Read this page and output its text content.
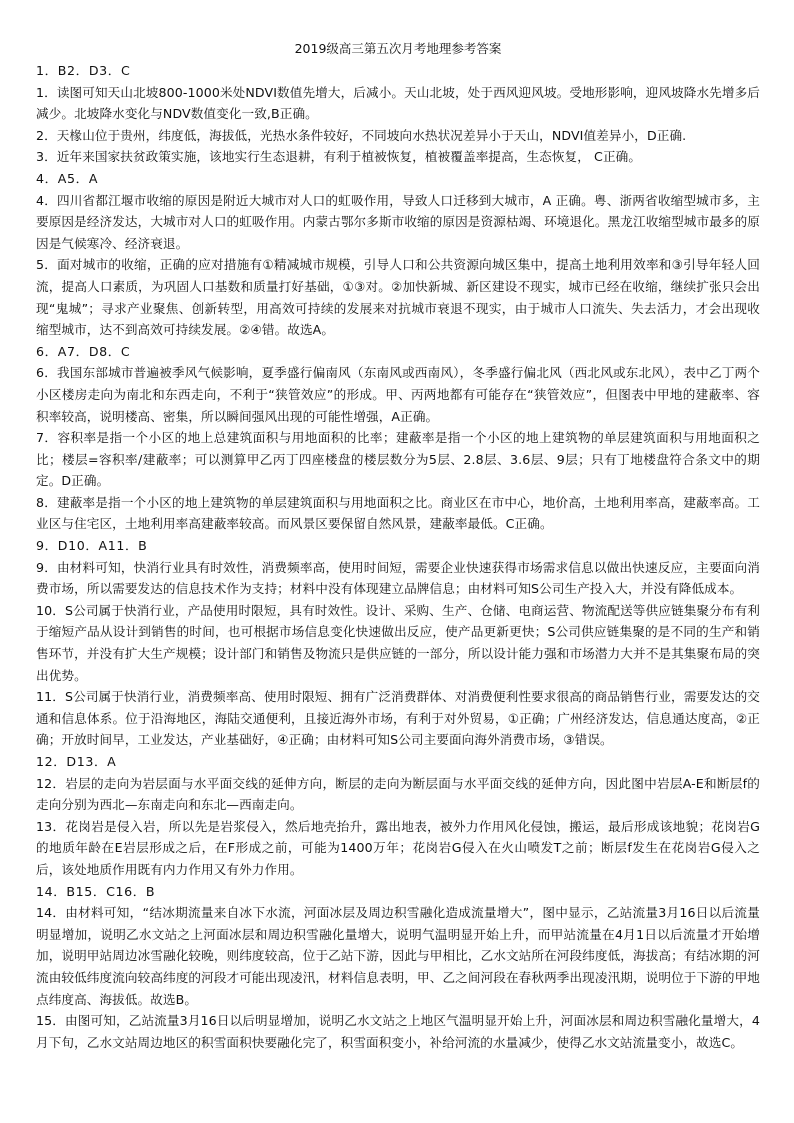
2019级高三第五次月考地理参考答案

1．B2．D3．C

1．读图可知天山北坡800-1000米处NDVI数值先增大，后减小。天山北坡，处于西风迎风坡。受地形影响，迎风坡降水先增多后减少。北坡降水变化与NDV数值变化一致,B正确。

2．天椽山位于贵州，纬度低，海拔低，光热水条件较好，不同坡向水热状况差异小于天山，NDVI值差异小，D正确.

3．近年来国家扶贫政策实施，该地实行生态退耕，有利于植被恢复，植被覆盖率提高，生态恢复， C正确。

4．A5．A

4．四川省都江堰市收缩的原因是附近大城市对人口的虹吸作用，导致人口迁移到大城市，A 正确。粤、浙两省收缩型城市多，主要原因是经济发达，大城市对人口的虹吸作用。内蒙古鄂尔多斯市收缩的原因是资源枯竭、环境退化。黑龙江收缩型城市最多的原因是气候寒冷、经济衰退。

5．面对城市的收缩，正确的应对措施有①精减城市规模，引导人口和公共资源向城区集中，提高土地利用效率和③引导年轻人回流，提高人口素质，为巩固人口基数和质量打好基础，①③对。②加快新城、新区建设不现实，城市已经在收缩，继续扩张只会出现“鬼城”；寻求产业聚焦、创新转型，用高效可持续的发展来对抗城市衰退不现实，由于城市人口流失、失去活力，才会出现收缩型城市，达不到高效可持续发展。②④错。故选A。

6．A7．D8．C

6．我国东部城市普遍被季风气候影响，夏季盛行偏南风（东南风或西南风），冬季盛行偏北风（西北风或东北风），表中乙丁两个小区楼房走向为南北和东西走向，不利于“狭管效应”的形成。甲、丙两地都有可能存在“狭管效应”，但图表中甲地的建蔽率、容积率较高，说明楼高、密集，所以瞬间强风出现的可能性增强，A正确。

7．容积率是指一个小区的地上总建筑面积与用地面积的比率；建蔽率是指一个小区的地上建筑物的单层建筑面积与用地面积之比；楼层=容积率/建蔽率；可以测算甲乙丙丁四座楼盘的楼层数分为5层、2.8层、3.6层、9层；只有丁地楼盘符合条文中的期定。D正确。

8．建蔽率是指一个小区的地上建筑物的单层建筑面积与用地面积之比。商业区在市中心，地价高，土地利用率高，建蔽率高。工业区与住宅区，土地利用率高建蔽率较高。而风景区要保留自然风景，建蔽率最低。C正确。

9．D10．A11．B

9．由材料可知，快消行业具有时效性，消费频率高，使用时间短，需要企业快速获得市场需求信息以做出快速反应，主要面向消费市场，所以需要发达的信息技术作为支持；材料中没有体现建立品牌信息；由材料可知S公司生产投入大，并没有降低成本。

10．S公司属于快消行业，产品使用时限短，具有时效性。设计、采购、生产、仓储、电商运营、物流配送等供应链集聚分布有利于缩短产品从设计到销售的时间，也可根据市场信息变化快速做出反应，使产品更新更快；S公司供应链集聚的是不同的生产和销售环节，并没有扩大生产规模；设计部门和销售及物流只是供应链的一部分，所以设计能力强和市场潜力大并不是其集聚布局的突出优势。

11．S公司属于快消行业，消费频率高、使用时限短、拥有广泛消费群体、对消费便利性要求很高的商品销售行业，需要发达的交通和信息体系。位于沿海地区，海陆交通便利，且接近海外市场，有利于对外贸易，①正确；广州经济发达，信息通达度高，②正确；开放时间早，工业发达，产业基础好，④正确；由材料可知S公司主要面向海外消费市场，③错误。

12．D13．A

12．岩层的走向为岩层面与水平面交线的延伸方向，断层的走向为断层面与水平面交线的延伸方向，因此图中岩层A-E和断层f的走向分别为西北—东南走向和东北—西南走向。

13．花岗岩是侵入岩，所以先是岩浆侵入，然后地壳抬升，露出地表，被外力作用风化侵蚀，搬运，最后形成该地貌；花岗岩G的地质年龄在E岩层形成之后，在F形成之前，可能为1400万年；花岗岩G侵入在火山喷发T之前；断层f发生在花岗岩G侵入之后，该处地质作用既有内力作用又有外力作用。

14．B15．C16．B

14．由材料可知，“结冰期流量来自冰下水流，河面冰层及周边积雪融化造成流量增大”，图中显示，乙站流量3月16日以后流量明显增加，说明乙水文站之上河面冰层和周边积雪融化量增大，说明气温明显开始上升，而甲站流量在4月1日以后流量才开始增加，说明甲站周边冰雪融化较晚，则纬度较高，位于乙站下游，因此与甲相比，乙水文站所在河段纬度低，海拔高；有结冰期的河流由较低纬度流向较高纬度的河段才可能出现凌汛，材料信息表明，甲、乙之间河段在春秋两季出现凌汛期，说明位于下游的甲地点纬度高、海拔低。故选B。

15．由图可知，乙站流量3月16日以后明显增加，说明乙水文站之上地区气温明显开始上升，河面冰层和周边积雪融化量增大，4月下旬，乙水文站周边地区的积雪面积快要融化完了，积雪面积变小，补给河流的水量减少，使得乙水文站流量变小，故选C。
